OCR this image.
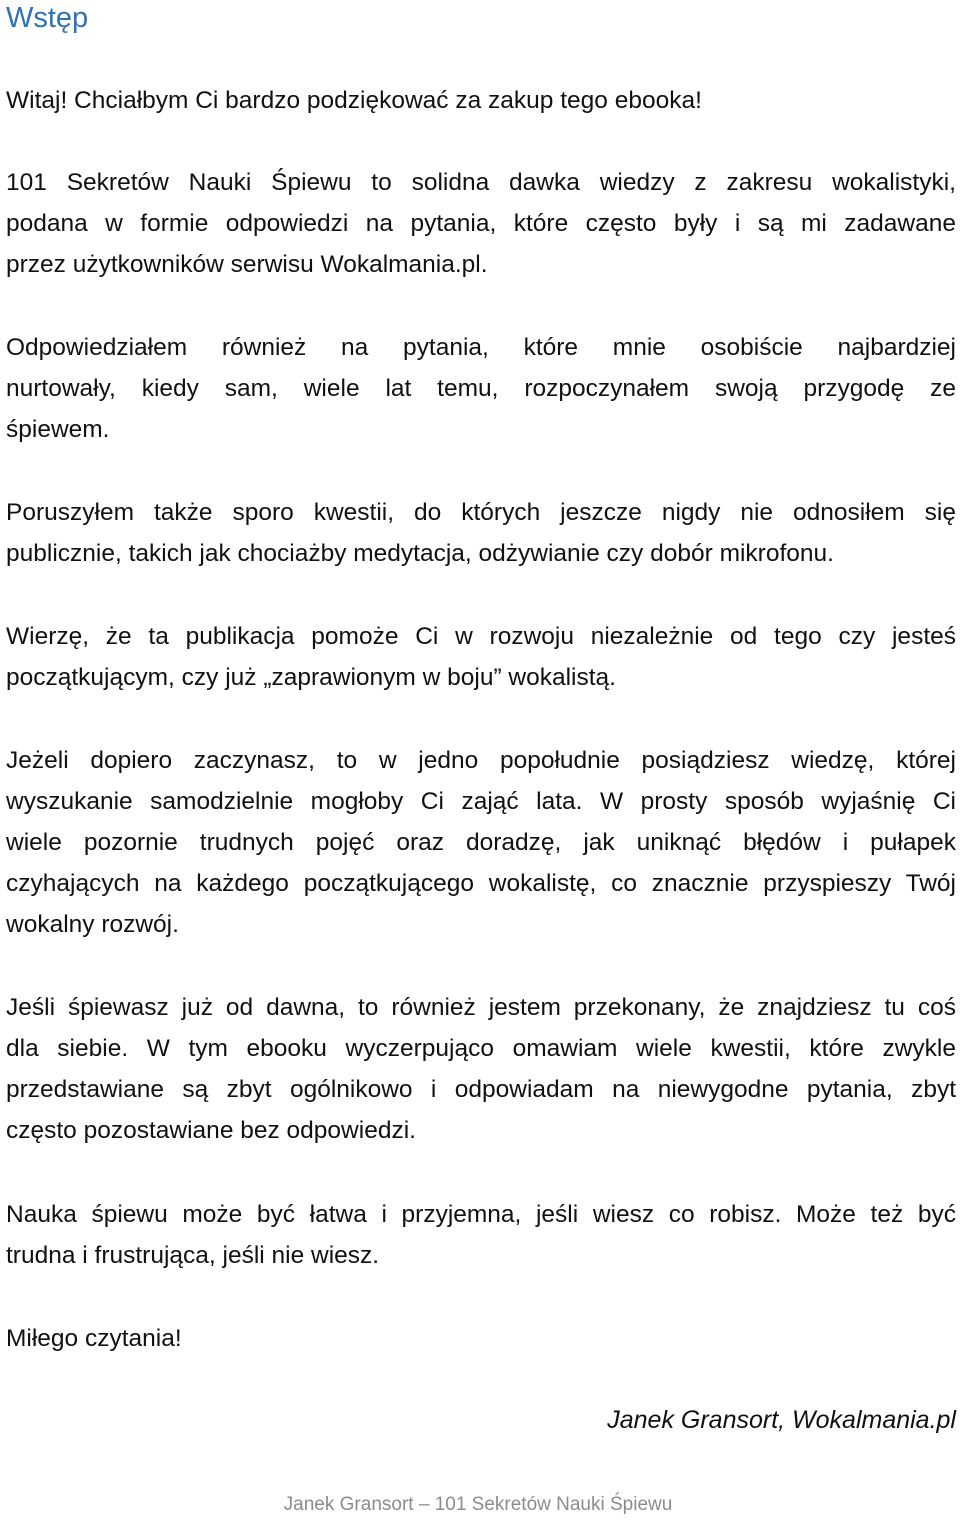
Wstęp

Witaj! Chciałbym Ci bardzo podziękować za zakup tego ebooka!

101 Sekretów Nauki Śpiewu to solidna dawka wiedzy z zakresu wokalistyki,
podana w formie odpowiedzi na pytania, które często były i są mi zadawane
przez użytkowników serwisu Wokalmania.pl.

Odpowiedziałem również na pytania, które mnie osobiście najbardziej
nurtowały, kiedy sam, wiele lat temu, rozpoczynałem swoją przygodę ze
śpiewem.

Poruszyłem także sporo kwestii, do których jeszcze nigdy nie odnosiłem się
publicznie, takich jak chociażby medytacja, odżywianie czy dobór mikrofonu.

Wierzę, że ta publikacja pomoże Ci w rozwoju niezależnie od tego czy jesteś
początkującym, czy już „zaprawionym w boju” wokalistą.

Jeżeli dopiero zaczynasz, to w jedno popołudnie posiądziesz wiedzę, której
wyszukanie samodzielnie mogłoby Ci zająć lata. W prosty sposób wyjaśnię Ci
wiele pozornie trudnych pojęć oraz doradzę, jak uniknąć błędów i pułapek
czyhających na każdego początkującego wokalistę, co znacznie przyspieszy Twój
wokalny rozwój.

Jeśli śpiewasz już od dawna, to również jestem przekonany, że znajdziesz tu coś
dla siebie. W tym ebooku wyczerpująco omawiam wiele kwestii, które zwykle
przedstawiane są zbyt ogólnikowo i odpowiadam na niewygodne pytania, zbyt
często pozostawiane bez odpowiedzi.

Nauka śpiewu może być łatwa i przyjemna, jeśli wiesz co robisz. Może też być
trudna i frustrująca, jeśli nie wiesz.

Miłego czytania!

Janek Gransort, Wokalmania.pl

Janek Gransort – 101 Sekretów Nauki Śpiewu
